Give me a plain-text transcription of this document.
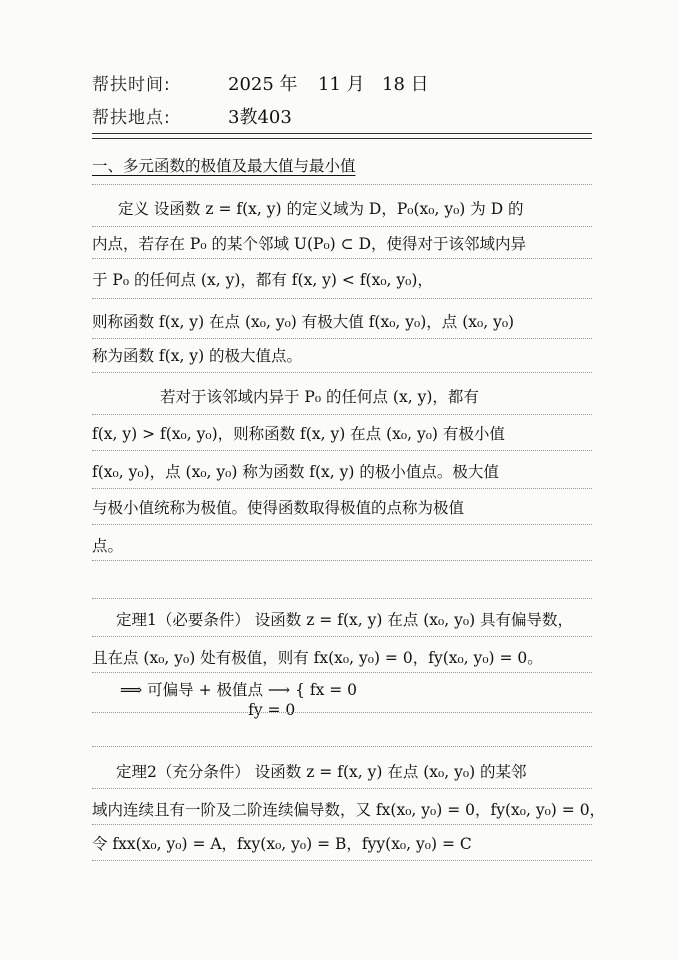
帮扶时间:	2025 年 11 月 18 日
帮扶地点:	3教403
一、多元函数的极值及最大值与最小值
定义 设函数 z = f(x, y) 的定义域为 D，P₀(x₀, y₀) 为 D 的
内点，若存在 P₀ 的某个邻域 U(P₀) ⊂ D，使得对于该邻域内异
于 P₀ 的任何点 (x, y)，都有 f(x, y) < f(x₀, y₀)，
则称函数 f(x, y) 在点 (x₀, y₀) 有极大值 f(x₀, y₀)，点 (x₀, y₀)
称为函数 f(x, y) 的极大值点。
若对于该邻域内异于 P₀ 的任何点 (x, y)，都有
f(x, y) > f(x₀, y₀)，则称函数 f(x, y) 在点 (x₀, y₀) 有极小值
f(x₀, y₀)，点 (x₀, y₀) 称为函数 f(x, y) 的极小值点。极大值
与极小值统称为极值。使得函数取得极值的点称为极值
点。
定理1（必要条件） 设函数 z = f(x, y) 在点 (x₀, y₀) 具有偏导数，
且在点 (x₀, y₀) 处有极值，则有 fx(x₀, y₀) = 0，fy(x₀, y₀) = 0。
⟹ 可偏导 + 极值点 ⟶ { fx = 0
fy = 0
定理2（充分条件） 设函数 z = f(x, y) 在点 (x₀, y₀) 的某邻
域内连续且有一阶及二阶连续偏导数，又 fx(x₀, y₀) = 0，fy(x₀, y₀) = 0，
令 fxx(x₀, y₀) = A，fxy(x₀, y₀) = B，fyy(x₀, y₀) = C
